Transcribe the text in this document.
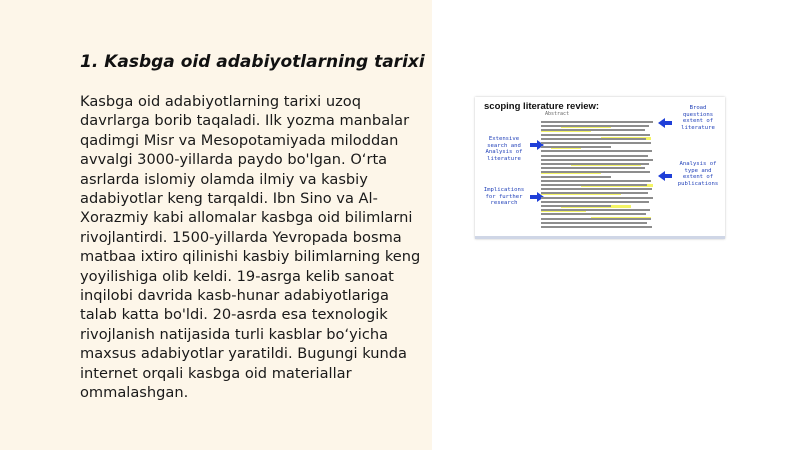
1. Kasbga oid adabiyotlarning tarixi

Kasbga oid adabiyotlarning tarixi uzoq davrlarga borib taqaladi. Ilk yozma manbalar qadimgi Misr va Mesopotamiyada miloddan avvalgi 3000-yillarda paydo bo'lgan. O‘rta asrlarda islomiy olamda ilmiy va kasbiy adabiyotlar keng tarqaldi. Ibn Sino va Al-Xorazmiy kabi allomalar kasbga oid bilimlarni rivojlantirdi. 1500-yillarda Yevropada bosma matbaa ixtiro qilinishi kasbiy bilimlarning keng yoyilishiga olib keldi. 19-asrga kelib sanoat inqilobi davrida kasb-hunar adabiyotlariga talab katta bo'ldi. 20-asrda esa texnologik rivojlanish natijasida turli kasblar bo‘yicha maxsus adabiyotlar yaratildi. Bugungi kunda internet orqali kasbga oid materiallar ommalashgan.

scoping literature review:
Abstract
Extensive
search and
Analysis of
literature
Implications
for further
research
Broad
questions
extent of
literature
Analysis of
type and
extent of
publications
